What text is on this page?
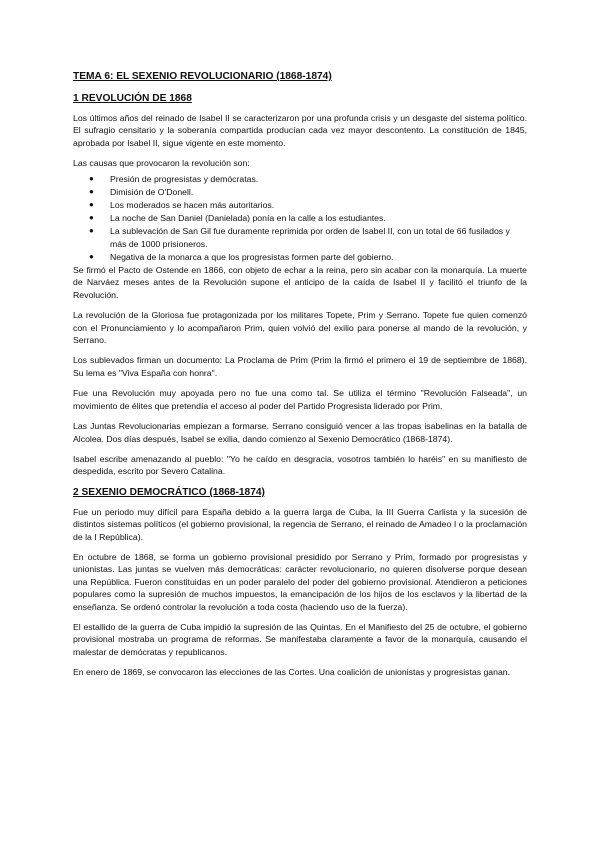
TEMA 6: EL SEXENIO REVOLUCIONARIO (1868-1874)
1 REVOLUCIÓN DE 1868

Los últimos años del reinado de Isabel II se caracterizaron por una profunda crisis y un desgaste del sistema político. El sufragio censitario y la soberanía compartida producían cada vez mayor descontento. La constitución de 1845, aprobada por Isabel II, sigue vigente en este momento.

Las causas que provocaron la revolución son:

● Presión de progresistas y demócratas.
● Dimisión de O'Donell.
● Los moderados se hacen más autoritarios.
● La noche de San Daniel (Danielada) ponía en la calle a los estudiantes.
● La sublevación de San Gil fue duramente reprimida por orden de Isabel II, con un total de 66 fusilados y más de 1000 prisioneros.
● Negativa de la monarca a que los progresistas formen parte del gobierno.

Se firmó el Pacto de Ostende en 1866, con objeto de echar a la reina, pero sin acabar con la monarquía. La muerte de Narváez meses antes de la Revolución supone el anticipo de la caída de Isabel II y facilitó el triunfo de la Revolución.

La revolución de la Gloriosa fue protagonizada por los militares Topete, Prim y Serrano. Topete fue quien comenzó con el Pronunciamiento y lo acompañaron Prim, quien volvió del exilio para ponerse al mando de la revolución, y Serrano.

Los sublevados firman un documento: La Proclama de Prim (Prim la firmó el primero el 19 de septiembre de 1868). Su lema es "Viva España con honra".

Fue una Revolución muy apoyada pero no fue una como tal. Se utiliza el término "Revolución Falseada", un movimiento de élites que pretendía el acceso al poder del Partido Progresista liderado por Prim.

Las Juntas Revolucionarias empiezan a formarse. Serrano consiguió vencer a las tropas isabelinas en la batalla de Alcolea. Dos días después, Isabel se exilia, dando comienzo al Sexenio Democrático (1868-1874).

Isabel escribe amenazando al pueblo: "Yo he caído en desgracia, vosotros también lo haréis" en su manifiesto de despedida, escrito por Severo Catalina.

2 SEXENIO DEMOCRÁTICO (1868-1874)

Fue un periodo muy difícil para España debido a la guerra larga de Cuba, la III Guerra Carlista y la sucesión de distintos sistemas políticos (el gobierno provisional, la regencia de Serrano, el reinado de Amadeo I o la proclamación de la I República).

En octubre de 1868, se forma un gobierno provisional presidido por Serrano y Prim, formado por progresistas y unionistas. Las juntas se vuelven más democráticas: carácter revolucionario, no quieren disolverse porque desean una República. Fueron constituidas en un poder paralelo del poder del gobierno provisional. Atendieron a peticiones populares como la supresión de muchos impuestos, la emancipación de los hijos de los esclavos y la libertad de la enseñanza. Se ordenó controlar la revolución a toda costa (haciendo uso de la fuerza).

El estallido de la guerra de Cuba impidió la supresión de las Quintas. En el Manifiesto del 25 de octubre, el gobierno provisional mostraba un programa de reformas. Se manifestaba claramente a favor de la monarquía, causando el malestar de demócratas y republicanos.

En enero de 1869, se convocaron las elecciones de las Cortes. Una coalición de unionistas y progresistas ganan.
